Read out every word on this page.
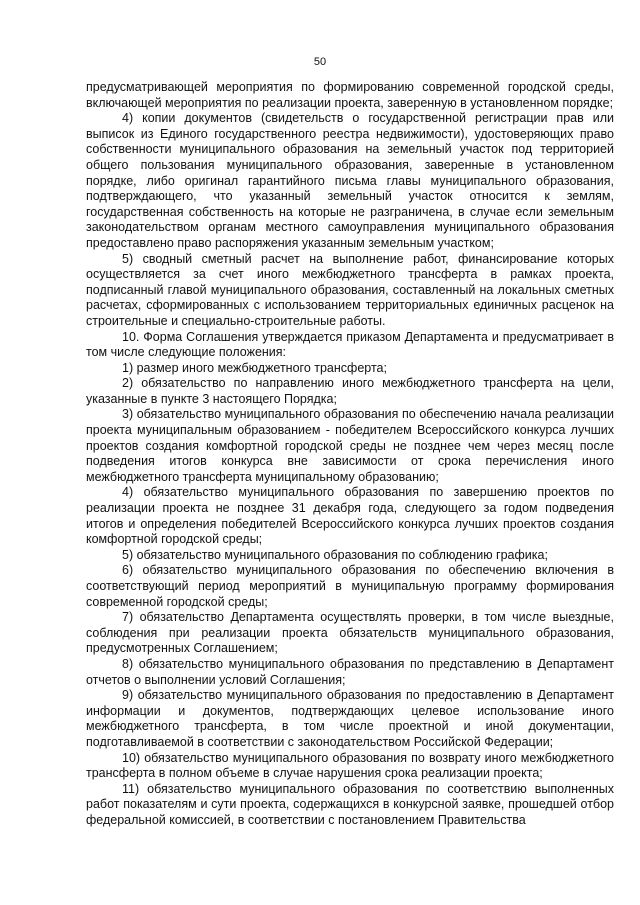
50

предусматривающей мероприятия по формированию современной городской среды, включающей мероприятия по реализации проекта, заверенную в установленном порядке;

4) копии документов (свидетельств о государственной регистрации прав или выписок из Единого государственного реестра недвижимости), удостоверяющих право собственности муниципального образования на земельный участок под территорией общего пользования муниципального образования, заверенные в установленном порядке, либо оригинал гарантийного письма главы муниципального образования, подтверждающего, что указанный земельный участок относится к землям, государственная собственность на которые не разграничена, в случае если земельным законодательством органам местного самоуправления муниципального образования предоставлено право распоряжения указанным земельным участком;

5) сводный сметный расчет на выполнение работ, финансирование которых осуществляется за счет иного межбюджетного трансферта в рамках проекта, подписанный главой муниципального образования, составленный на локальных сметных расчетах, сформированных с использованием территориальных единичных расценок на строительные и специально-строительные работы.

10. Форма Соглашения утверждается приказом Департамента и предусматривает в том числе следующие положения:

1) размер иного межбюджетного трансферта;

2) обязательство по направлению иного межбюджетного трансферта на цели, указанные в пункте 3 настоящего Порядка;

3) обязательство муниципального образования по обеспечению начала реализации проекта муниципальным образованием - победителем Всероссийского конкурса лучших проектов создания комфортной городской среды не позднее чем через месяц после подведения итогов конкурса вне зависимости от срока перечисления иного межбюджетного трансферта муниципальному образованию;

4) обязательство муниципального образования по завершению проектов по реализации проекта не позднее 31 декабря года, следующего за годом подведения итогов и определения победителей Всероссийского конкурса лучших проектов создания комфортной городской среды;

5) обязательство муниципального образования по соблюдению графика;

6) обязательство муниципального образования по обеспечению включения в соответствующий период мероприятий в муниципальную программу формирования современной городской среды;

7) обязательство Департамента осуществлять проверки, в том числе выездные, соблюдения при реализации проекта обязательств муниципального образования, предусмотренных Соглашением;

8) обязательство муниципального образования по представлению в Департамент отчетов о выполнении условий Соглашения;

9) обязательство муниципального образования по предоставлению в Департамент информации и документов, подтверждающих целевое использование иного межбюджетного трансферта, в том числе проектной и иной документации, подготавливаемой в соответствии с законодательством Российской Федерации;

10) обязательство муниципального образования по возврату иного межбюджетного трансферта в полном объеме в случае нарушения срока реализации проекта;

11) обязательство муниципального образования по соответствию выполненных работ показателям и сути проекта, содержащихся в конкурсной заявке, прошедшей отбор федеральной комиссией, в соответствии с постановлением Правительства
